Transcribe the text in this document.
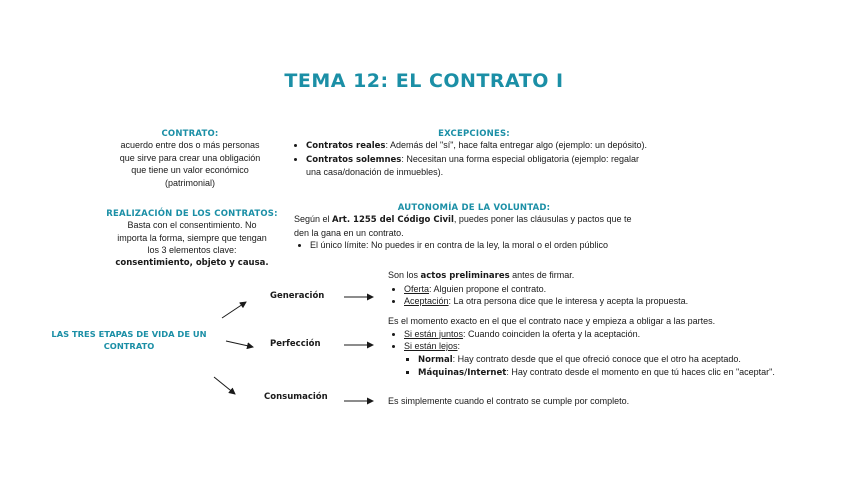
TEMA 12: EL CONTRATO I
CONTRATO:
acuerdo entre dos o más personas
que sirve para crear una obligación
que tiene un valor económico
(patrimonial)
EXCEPCIONES:
• Contratos reales: Además del "sí", hace falta entregar algo (ejemplo: un depósito).
• Contratos solemnes: Necesitan una forma especial obligatoria (ejemplo: regalar una casa/donación de inmuebles).
REALIZACIÓN DE LOS CONTRATOS:
Basta con el consentimiento. No
importa la forma, siempre que tengan
los 3 elementos clave:
consentimiento, objeto y causa.
AUTONOMÍA DE LA VOLUNTAD:
Según el Art. 1255 del Código Civil, puedes poner las cláusulas y pactos que te den la gana en un contrato.
• El único límite: No puedes ir en contra de la ley, la moral o el orden público
LAS TRES ETAPAS DE VIDA DE UN CONTRATO
Generación
Perfección
Consumación
Son los actos preliminares antes de firmar.
• Oferta: Alguien propone el contrato.
• Aceptación: La otra persona dice que le interesa y acepta la propuesta.
Es el momento exacto en el que el contrato nace y empieza a obligar a las partes.
• Si están juntos: Cuando coinciden la oferta y la aceptación.
• Si están lejos:
▪ Normal: Hay contrato desde que el que ofreció conoce que el otro ha aceptado.
▪ Máquinas/Internet: Hay contrato desde el momento en que tú haces clic en "aceptar".
Es simplemente cuando el contrato se cumple por completo.
